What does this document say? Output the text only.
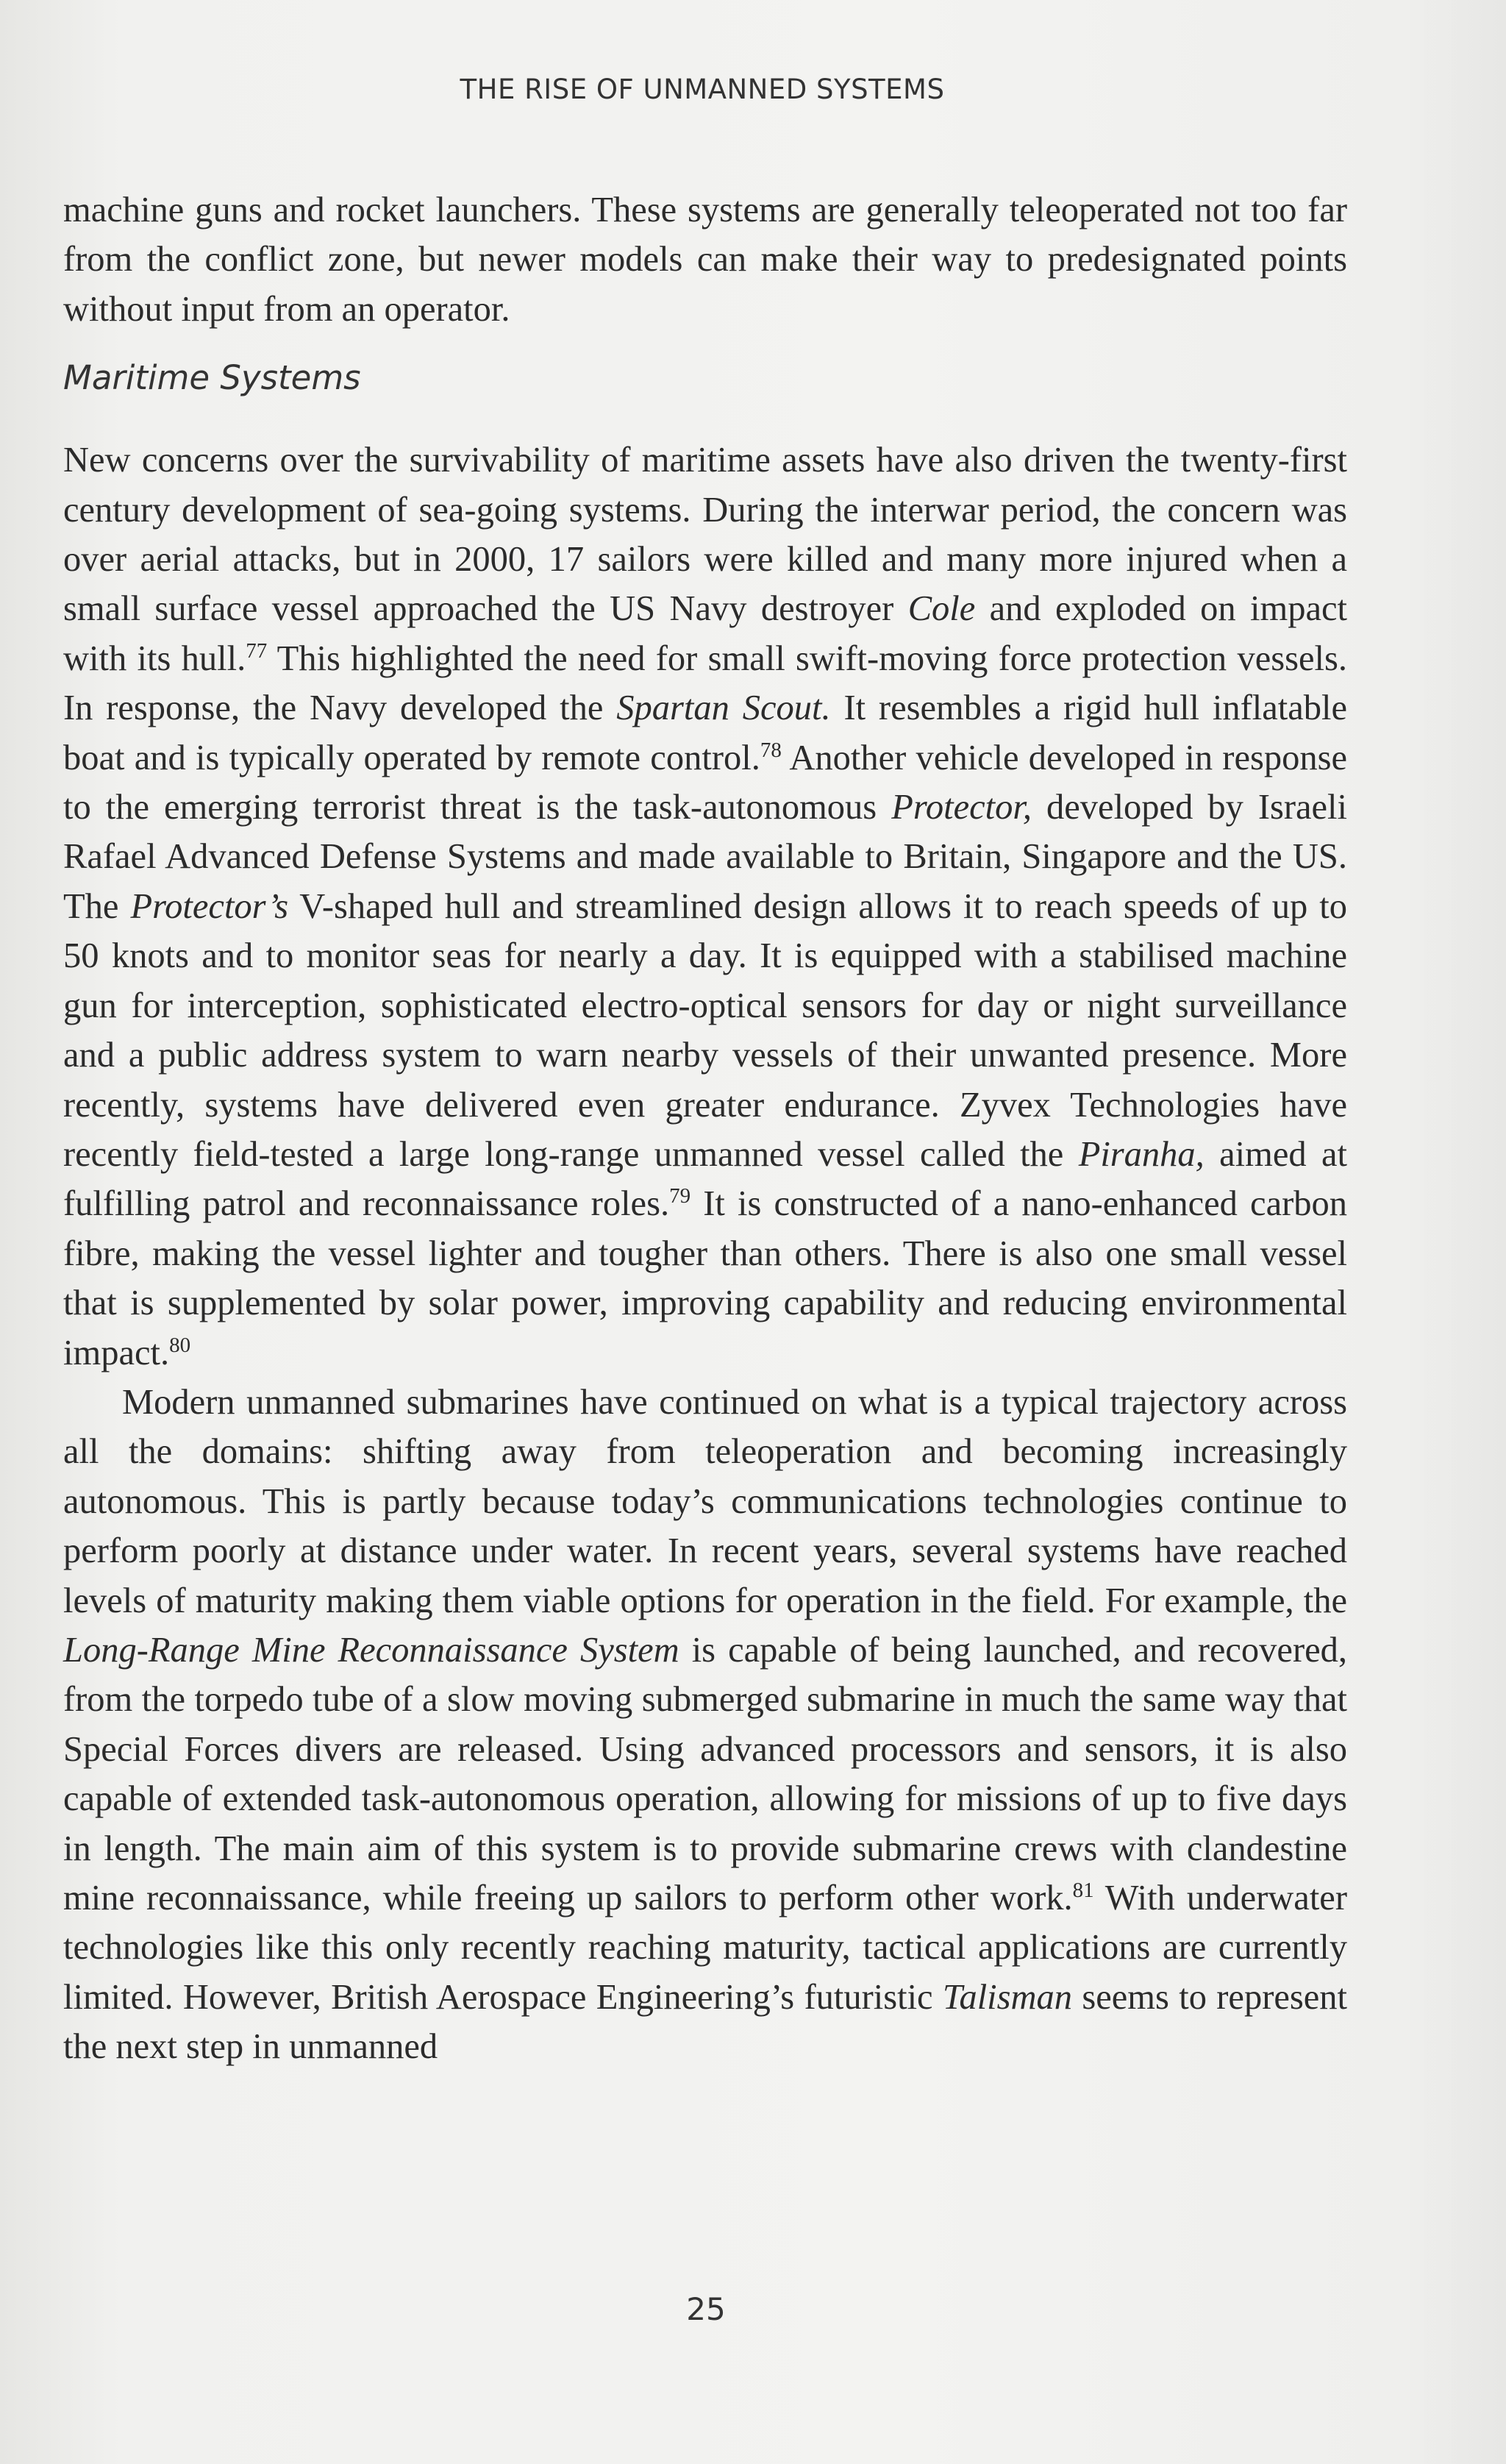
THE RISE OF UNMANNED SYSTEMS

machine guns and rocket launchers. These systems are generally teleoperated not too far from the conflict zone, but newer models can make their way to predesignated points without input from an operator.

Maritime Systems

New concerns over the survivability of maritime assets have also driven the twenty-first century development of sea-going systems. During the interwar period, the concern was over aerial attacks, but in 2000, 17 sailors were killed and many more injured when a small surface vessel approached the US Navy destroyer Cole and exploded on impact with its hull.$^{77}$ This highlighted the need for small swift-moving force protection vessels. In response, the Navy developed the Spartan Scout. It resembles a rigid hull inflatable boat and is typically operated by remote control.$^{78}$ Another vehicle developed in response to the emerging terrorist threat is the task-autonomous Protector, developed by Israeli Rafael Advanced Defense Systems and made available to Britain, Singapore and the US. The Protector’s V-shaped hull and streamlined design allows it to reach speeds of up to 50 knots and to monitor seas for nearly a day. It is equipped with a stabilised machine gun for interception, sophisticated electro-optical sensors for day or night surveillance and a public address system to warn nearby vessels of their unwanted presence. More recently, systems have delivered even greater endurance. Zyvex Technologies have recently field-tested a large long-range unmanned vessel called the Piranha, aimed at fulfilling patrol and reconnaissance roles.$^{79}$ It is constructed of a nano-enhanced carbon fibre, making the vessel lighter and tougher than others. There is also one small vessel that is supplemented by solar power, improving capability and reducing environmental impact.$^{80}$

Modern unmanned submarines have continued on what is a typical trajectory across all the domains: shifting away from teleoperation and becoming increasingly autonomous. This is partly because today’s communications technologies continue to perform poorly at distance under water. In recent years, several systems have reached levels of maturity making them viable options for operation in the field. For example, the Long-Range Mine Reconnaissance System is capable of being launched, and recovered, from the torpedo tube of a slow moving submerged submarine in much the same way that Special Forces divers are released. Using advanced processors and sensors, it is also capable of extended task-autonomous operation, allowing for missions of up to five days in length. The main aim of this system is to provide submarine crews with clandestine mine reconnaissance, while freeing up sailors to perform other work.$^{81}$ With underwater technologies like this only recently reaching maturity, tactical applications are currently limited. However, British Aerospace Engineering’s futuristic Talisman seems to represent the next step in unmanned

25
